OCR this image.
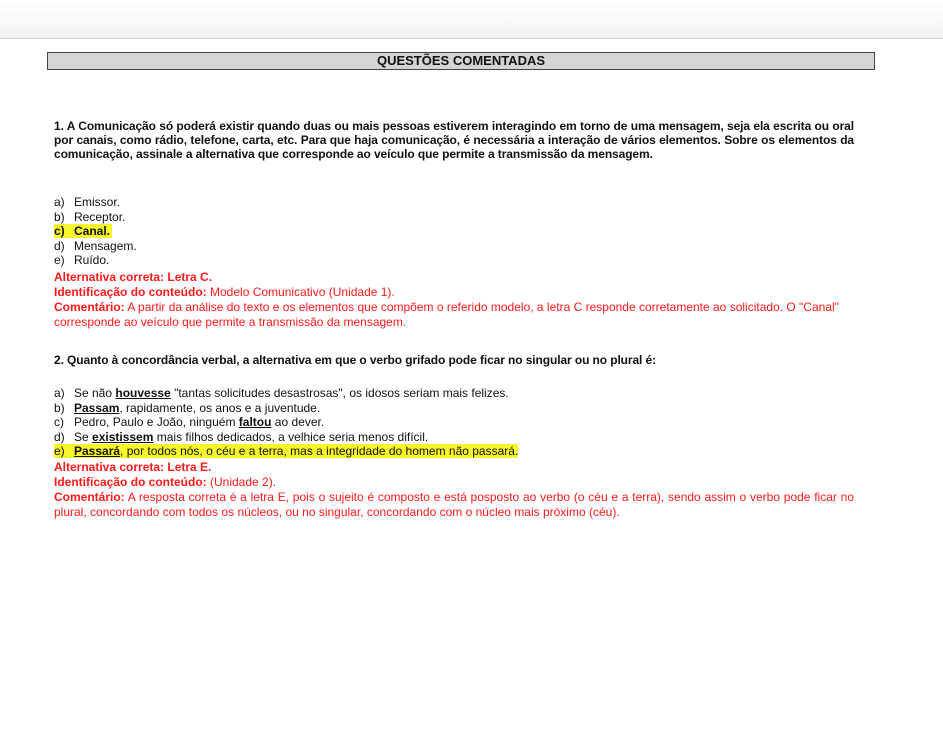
QUESTÕES COMENTADAS
1. A Comunicação só poderá existir quando duas ou mais pessoas estiverem interagindo em torno de uma mensagem, seja ela escrita ou oral por canais, como rádio, telefone, carta, etc. Para que haja comunicação, é necessária a interação de vários elementos. Sobre os elementos da comunicação, assinale a alternativa que corresponde ao veículo que permite a transmissão da mensagem.
a) Emissor.
b) Receptor.
c) Canal.
d) Mensagem.
e) Ruído.
Alternativa correta: Letra C.
Identificação do conteúdo: Modelo Comunicativo (Unidade 1).
Comentário: A partir da análise do texto e os elementos que compõem o referido modelo, a letra C responde corretamente ao solicitado. O "Canal" corresponde ao veículo que permite a transmissão da mensagem.
2. Quanto à concordância verbal, a alternativa em que o verbo grifado pode ficar no singular ou no plural é:
a) Se não houvesse "tantas solicitudes desastrosas", os idosos seriam mais felizes.
b) Passam, rapidamente, os anos e a juventude.
c) Pedro, Paulo e João, ninguém faltou ao dever.
d) Se existissem mais filhos dedicados, a velhice seria menos difícil.
e) Passará, por todos nós, o céu e a terra, mas a integridade do homem não passará.
Alternativa correta: Letra E.
Identificação do conteúdo: (Unidade 2).
Comentário: A resposta correta é a letra E, pois o sujeito é composto e está posposto ao verbo (o céu e a terra), sendo assim o verbo pode ficar no plural, concordando com todos os núcleos, ou no singular, concordando com o núcleo mais próximo (céu).
